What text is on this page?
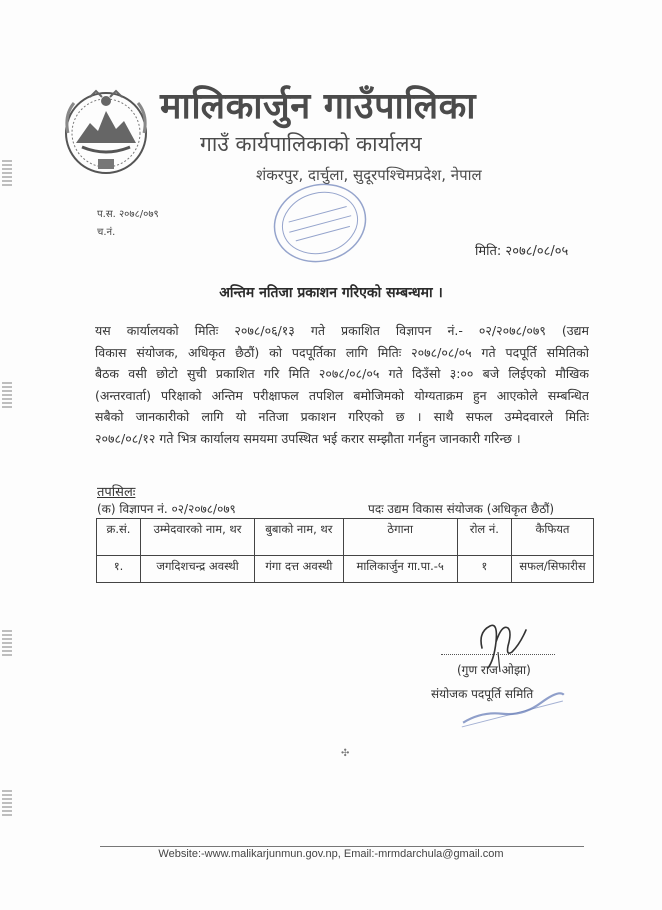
मालिकार्जुन गाउँपालिका
गाउँ कार्यपालिकाको कार्यालय
शंकरपुर, दार्चुला, सुदूरपश्चिमप्रदेश, नेपाल
प.स. २०७८/०७९
च.नं.
मिति: २०७८/०८/०५
अन्तिम नतिजा प्रकाशन गरिएको सम्बन्धमा ।
यस कार्यालयको मितिः २०७८/०६/१३ गते प्रकाशित विज्ञापन नं.- ०२/२०७८/०७९ (उद्यम
विकास संयोजक, अधिकृत छैठौं) को पदपूर्तिका लागि मितिः २०७८/०८/०५ गते पदपूर्ति समितिको
बैठक वसी छोटो सुची प्रकाशित गरि मिति २०७८/०८/०५ गते दिउँसो ३:०० बजे लिईएको मौखिक
(अन्तरवार्ता) परिक्षाको अन्तिम परीक्षाफल तपशिल बमोजिमको योग्यताक्रम हुन आएकोले सम्बन्धित
सबैको जानकारीको लागि यो नतिजा प्रकाशन गरिएको छ । साथै सफल उम्मेदवारले मितिः
२०७८/०८/१२ गते भित्र कार्यालय समयमा उपस्थित भई करार सम्झौता गर्नहुन जानकारी गरिन्छ ।
तपसिलः
(क) विज्ञापन नं. ०२/२०७८/०७९	पदः उद्यम विकास संयोजक (अधिकृत छैठौं)
क्र.सं.	उम्मेदवारको नाम, थर	बुबाको नाम, थर	ठेगाना	रोल नं.	कैफियत
१.	जगदिशचन्द्र अवस्थी	गंगा दत्त अवस्थी	मालिकार्जुन गा.पा.-५	१	सफल/सिफारीस
(गुण राज ओझा)
संयोजक पदपूर्ति समिति
✣
Website:-www.malikarjunmun.gov.np, Email:-mrmdarchula@gmail.com
